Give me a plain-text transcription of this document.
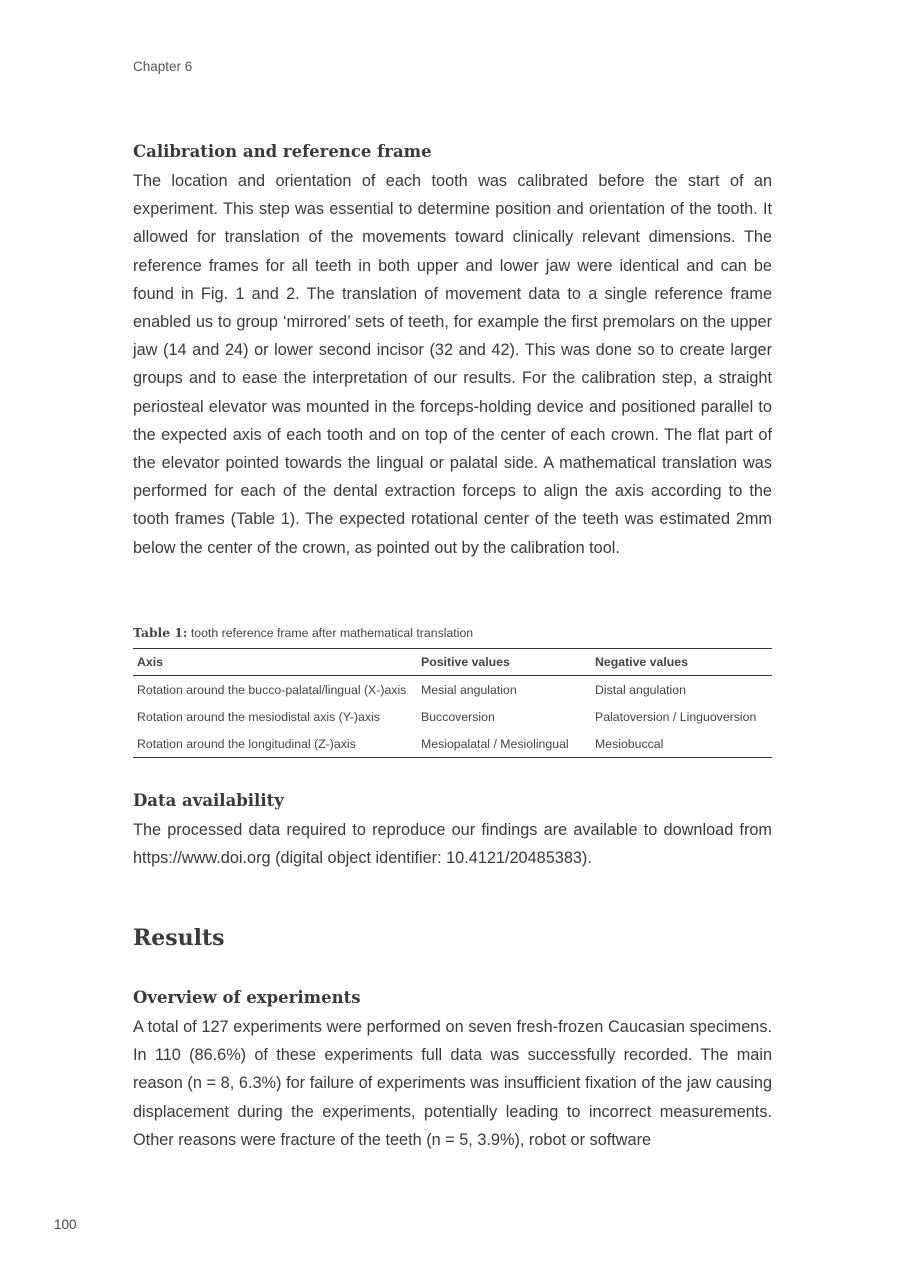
Chapter 6
Calibration and reference frame

The location and orientation of each tooth was calibrated before the start of an experiment. This step was essential to determine position and orientation of the tooth. It allowed for translation of the movements toward clinically relevant dimensions. The reference frames for all teeth in both upper and lower jaw were identical and can be found in Fig. 1 and 2. The translation of movement data to a single reference frame enabled us to group ‘mirrored’ sets of teeth, for example the first premolars on the upper jaw (14 and 24) or lower second incisor (32 and 42). This was done so to create larger groups and to ease the interpretation of our results. For the calibration step, a straight periosteal elevator was mounted in the forceps-holding device and positioned parallel to the expected axis of each tooth and on top of the center of each crown. The flat part of the elevator pointed towards the lingual or palatal side. A mathematical translation was performed for each of the dental extraction forceps to align the axis according to the tooth frames (Table 1). The expected rotational center of the teeth was estimated 2mm below the center of the crown, as pointed out by the calibration tool.

Table 1: tooth reference frame after mathematical translation

Axis	Positive values	Negative values
Rotation around the bucco-palatal/lingual (X-)axis	Mesial angulation	Distal angulation
Rotation around the mesiodistal axis (Y-)axis	Buccoversion	Palatoversion / Linguoversion
Rotation around the longitudinal (Z-)axis	Mesiopalatal / Mesiolingual	Mesiobuccal
Data availability

The processed data required to reproduce our findings are available to download from https://www.doi.org (digital object identifier: 10.4121/20485383).

Results
Overview of experiments

A total of 127 experiments were performed on seven fresh-frozen Caucasian specimens. In 110 (86.6%) of these experiments full data was successfully recorded. The main reason (n = 8, 6.3%) for failure of experiments was insufficient fixation of the jaw causing displacement during the experiments, potentially leading to incorrect measurements. Other reasons were fracture of the teeth (n = 5, 3.9%), robot or software

100
